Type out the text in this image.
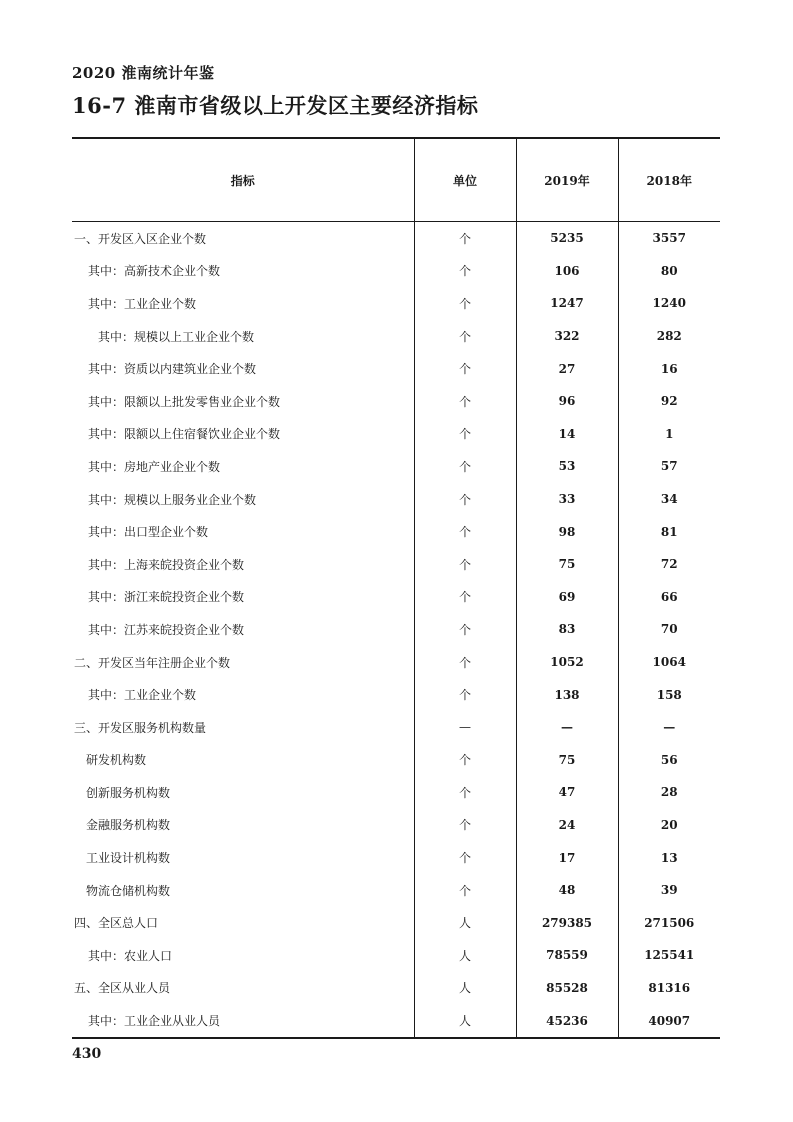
2020 淮南统计年鉴
16-7 淮南市省级以上开发区主要经济指标
指标	单位	2019年	2018年
一、开发区入区企业个数	个	5235	3557
其中：高新技术企业个数	个	106	80
其中：工业企业个数	个	1247	1240
其中：规模以上工业企业个数	个	322	282
其中：资质以内建筑业企业个数	个	27	16
其中：限额以上批发零售业企业个数	个	96	92
其中：限额以上住宿餐饮业企业个数	个	14	1
其中：房地产业企业个数	个	53	57
其中：规模以上服务业企业个数	个	33	34
其中：出口型企业个数	个	98	81
其中：上海来皖投资企业个数	个	75	72
其中：浙江来皖投资企业个数	个	69	66
其中：江苏来皖投资企业个数	个	83	70
二、开发区当年注册企业个数	个	1052	1064
其中：工业企业个数	个	138	158
三、开发区服务机构数量	—	—	—
研发机构数	个	75	56
创新服务机构数	个	47	28
金融服务机构数	个	24	20
工业设计机构数	个	17	13
物流仓储机构数	个	48	39
四、全区总人口	人	279385	271506
其中：农业人口	人	78559	125541
五、全区从业人员	人	85528	81316
其中：工业企业从业人员	人	45236	40907
430
